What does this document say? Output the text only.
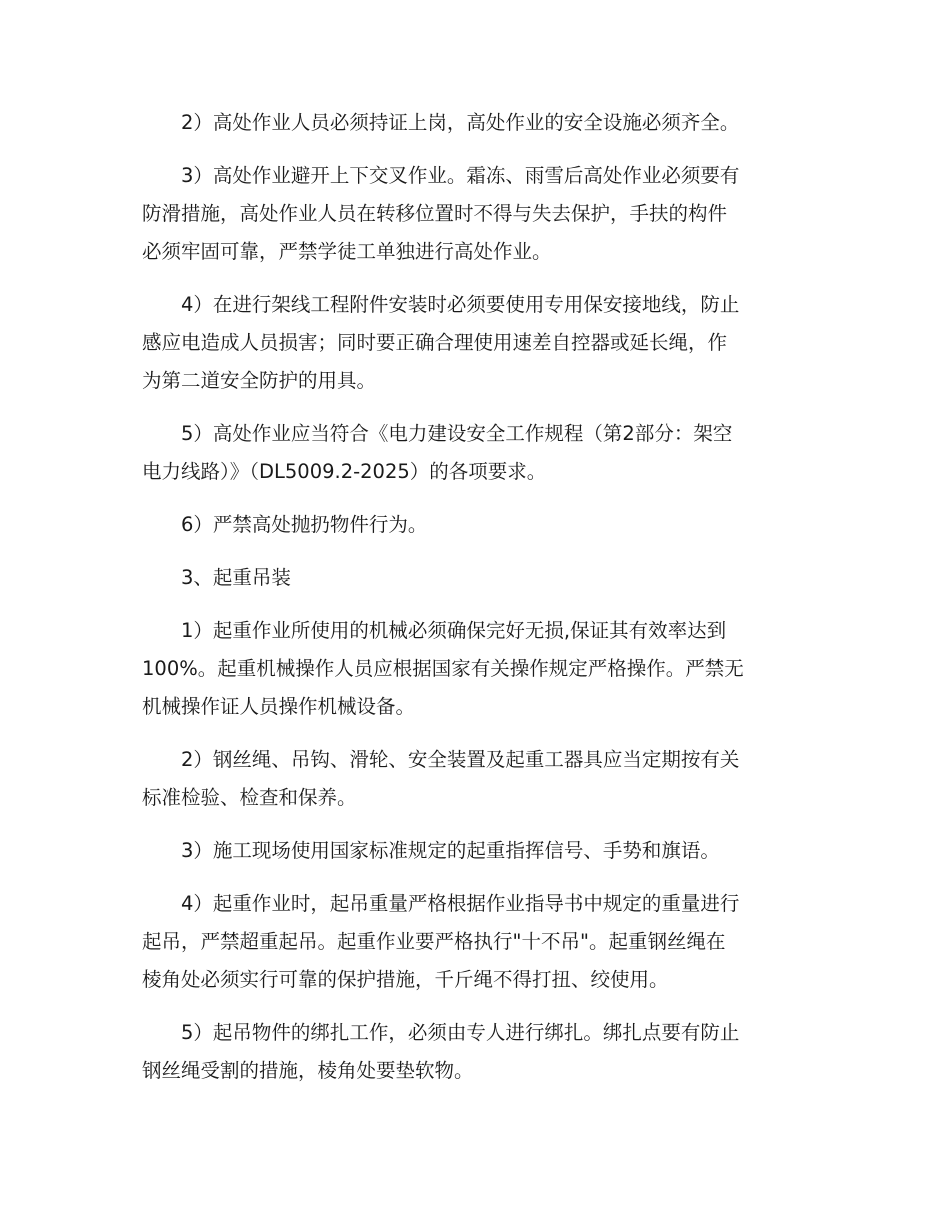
2）高处作业人员必须持证上岗，高处作业的安全设施必须齐全。
3）高处作业避开上下交叉作业。霜冻、雨雪后高处作业必须要有
防滑措施，高处作业人员在转移位置时不得与失去保护，手扶的构件
必须牢固可靠，严禁学徒工单独进行高处作业。
4）在进行架线工程附件安装时必须要使用专用保安接地线，防止
感应电造成人员损害；同时要正确合理使用速差自控器或延长绳，作
为第二道安全防护的用具。
5）高处作业应当符合《电力建设安全工作规程（第2部分：架空
电力线路）》（DL5009.2-2025）的各项要求。
6）严禁高处抛扔物件行为。
3、起重吊装
1）起重作业所使用的机械必须确保完好无损,保证其有效率达到
100%。起重机械操作人员应根据国家有关操作规定严格操作。严禁无
机械操作证人员操作机械设备。
2）钢丝绳、吊钩、滑轮、安全装置及起重工器具应当定期按有关
标准检验、检查和保养。
3）施工现场使用国家标准规定的起重指挥信号、手势和旗语。
4）起重作业时，起吊重量严格根据作业指导书中规定的重量进行
起吊，严禁超重起吊。起重作业要严格执行"十不吊"。起重钢丝绳在
棱角处必须实行可靠的保护措施，千斤绳不得打扭、绞使用。
5）起吊物件的绑扎工作，必须由专人进行绑扎。绑扎点要有防止
钢丝绳受割的措施，棱角处要垫软物。
